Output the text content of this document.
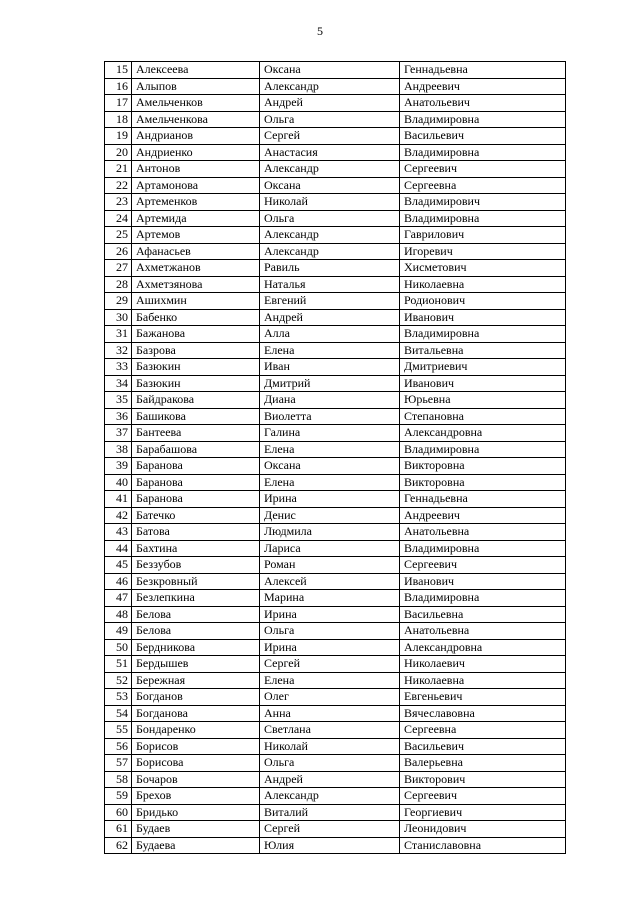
5
15	Алексеева	Оксана	Геннадьевна
16	Алыпов	Александр	Андреевич
17	Амельченков	Андрей	Анатольевич
18	Амельченкова	Ольга	Владимировна
19	Андрианов	Сергей	Васильевич
20	Андриенко	Анастасия	Владимировна
21	Антонов	Александр	Сергеевич
22	Артамонова	Оксана	Сергеевна
23	Артеменков	Николай	Владимирович
24	Артемида	Ольга	Владимировна
25	Артемов	Александр	Гаврилович
26	Афанасьев	Александр	Игоревич
27	Ахметжанов	Равиль	Хисметович
28	Ахметзянова	Наталья	Николаевна
29	Ашихмин	Евгений	Родионович
30	Бабенко	Андрей	Иванович
31	Бажанова	Алла	Владимировна
32	Базрова	Елена	Витальевна
33	Базюкин	Иван	Дмитриевич
34	Базюкин	Дмитрий	Иванович
35	Байдракова	Диана	Юрьевна
36	Башикова	Виолетта	Степановна
37	Бантеева	Галина	Александровна
38	Барабашова	Елена	Владимировна
39	Баранова	Оксана	Викторовна
40	Баранова	Елена	Викторовна
41	Баранова	Ирина	Геннадьевна
42	Батечко	Денис	Андреевич
43	Батова	Людмила	Анатольевна
44	Бахтина	Лариса	Владимировна
45	Беззубов	Роман	Сергеевич
46	Безкровный	Алексей	Иванович
47	Безлепкина	Марина	Владимировна
48	Белова	Ирина	Васильевна
49	Белова	Ольга	Анатольевна
50	Бердникова	Ирина	Александровна
51	Бердышев	Сергей	Николаевич
52	Бережная	Елена	Николаевна
53	Богданов	Олег	Евгеньевич
54	Богданова	Анна	Вячеславовна
55	Бондаренко	Светлана	Сергеевна
56	Борисов	Николай	Васильевич
57	Борисова	Ольга	Валерьевна
58	Бочаров	Андрей	Викторович
59	Брехов	Александр	Сергеевич
60	Бридько	Виталий	Георгиевич
61	Будаев	Сергей	Леонидович
62	Будаева	Юлия	Станиславовна
